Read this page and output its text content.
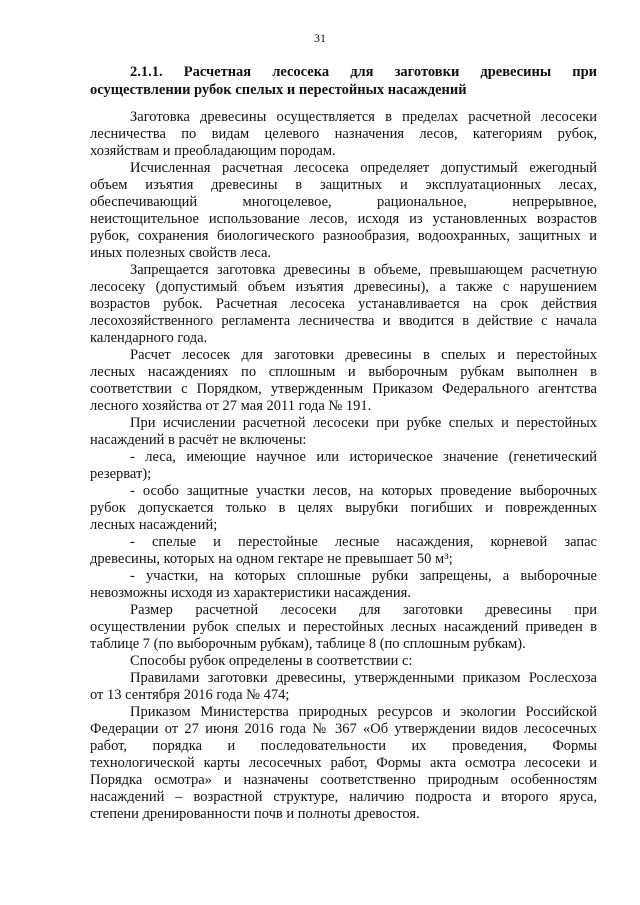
31
2.1.1. Расчетная лесосека для заготовки древесины при
осуществлении рубок спелых и перестойных насаждений
Заготовка древесины осуществляется в пределах расчетной лесосеки
лесничества по видам целевого назначения лесов, категориям рубок,
хозяйствам и преобладающим породам.
Исчисленная расчетная лесосека определяет допустимый ежегодный
объем изъятия древесины в защитных и эксплуатационных лесах,
обеспечивающий многоцелевое, рациональное, непрерывное,
неистощительное использование лесов, исходя из установленных возрастов
рубок, сохранения биологического разнообразия, водоохранных, защитных и
иных полезных свойств леса.
Запрещается заготовка древесины в объеме, превышающем расчетную
лесосеку (допустимый объем изъятия древесины), а также с нарушением
возрастов рубок. Расчетная лесосека устанавливается на срок действия
лесохозяйственного регламента лесничества и вводится в действие с начала
календарного года.
Расчет лесосек для заготовки древесины в спелых и перестойных
лесных насаждениях по сплошным и выборочным рубкам выполнен в
соответствии с Порядком, утвержденным Приказом Федерального агентства
лесного хозяйства от 27 мая 2011 года № 191.
При исчислении расчетной лесосеки при рубке спелых и перестойных
насаждений в расчёт не включены:
- леса, имеющие научное или историческое значение (генетический
резерват);
- особо защитные участки лесов, на которых проведение выборочных
рубок допускается только в целях вырубки погибших и поврежденных
лесных насаждений;
- спелые и перестойные лесные насаждения, корневой запас
древесины, которых на одном гектаре не превышает 50 м³;
- участки, на которых сплошные рубки запрещены, а выборочные
невозможны исходя из характеристики насаждения.
Размер расчетной лесосеки для заготовки древесины при
осуществлении рубок спелых и перестойных лесных насаждений приведен в
таблице 7 (по выборочным рубкам), таблице 8 (по сплошным рубкам).
Способы рубок определены в соответствии с:
Правилами заготовки древесины, утвержденными приказом Рослесхоза
от 13 сентября 2016 года № 474;
Приказом Министерства природных ресурсов и экологии Российской
Федерации от 27 июня 2016 года № 367 «Об утверждении видов лесосечных
работ, порядка и последовательности их проведения, Формы
технологической карты лесосечных работ, Формы акта осмотра лесосеки и
Порядка осмотра» и назначены соответственно природным особенностям
насаждений – возрастной структуре, наличию подроста и второго яруса,
степени дренированности почв и полноты древостоя.
